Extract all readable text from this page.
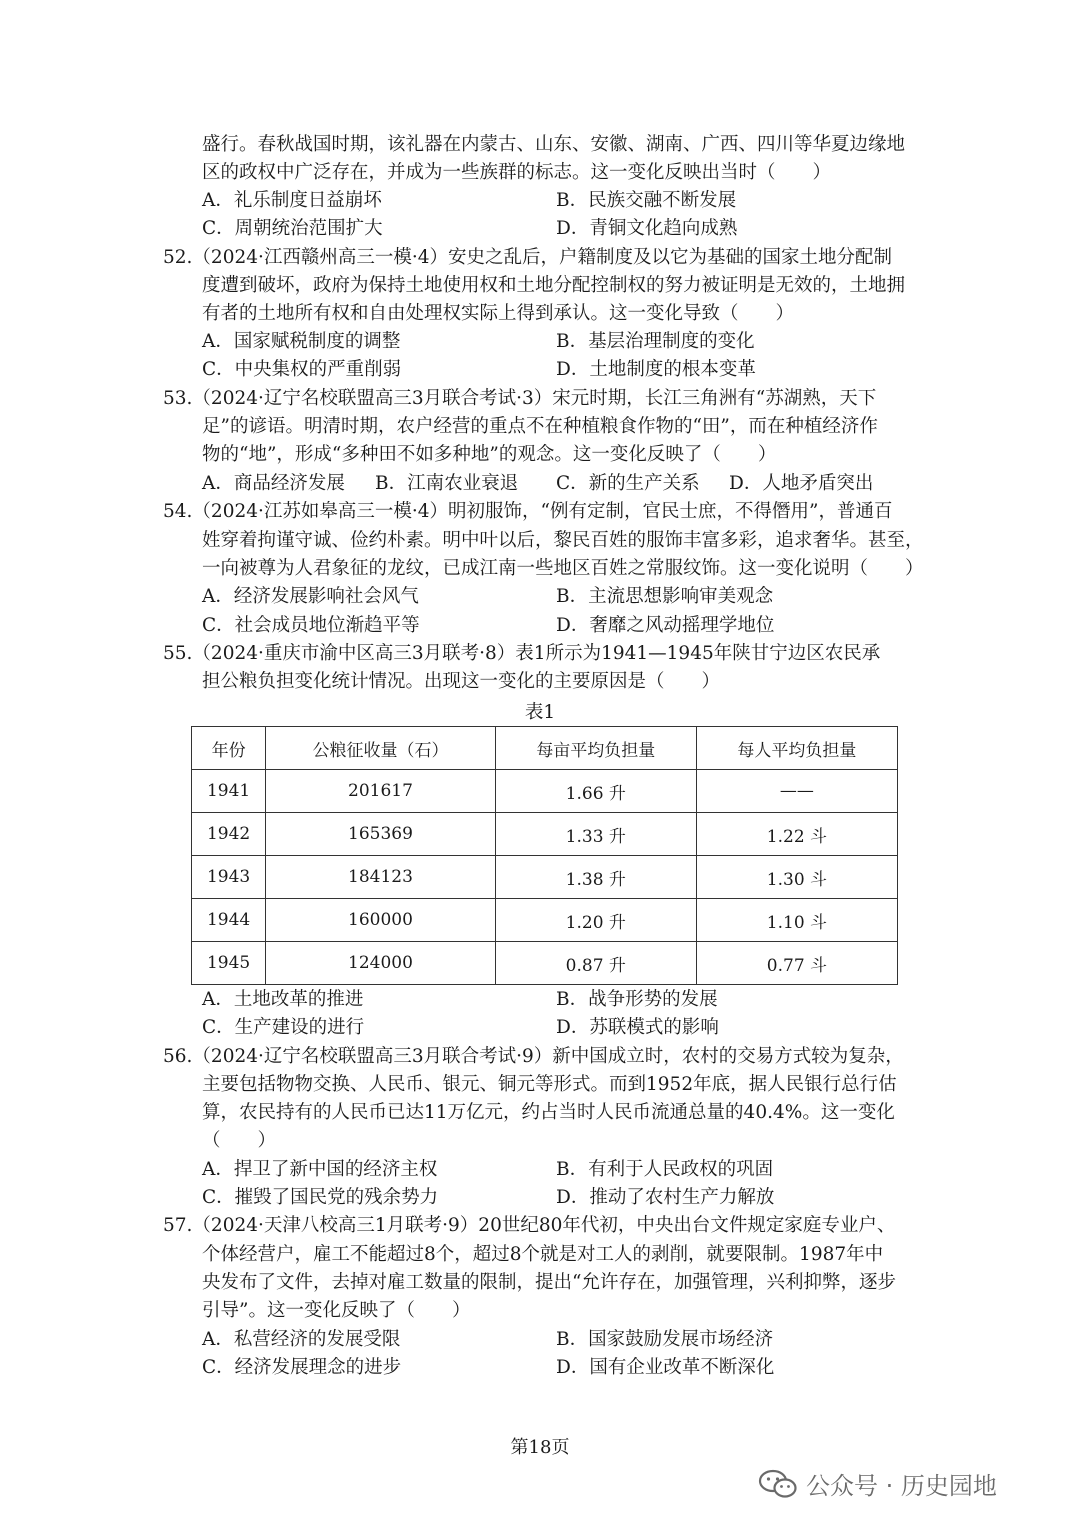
盛行。春秋战国时期，该礼器在内蒙古、山东、安徽、湖南、广西、四川等华夏边缘地
区的政权中广泛存在，并成为一些族群的标志。这一变化反映出当时（　　）
A．礼乐制度日益崩坏	B．民族交融不断发展
C．周朝统治范围扩大	D．青铜文化趋向成熟
52.（2024·江西赣州高三一模·4）安史之乱后，户籍制度及以它为基础的国家土地分配制
度遭到破坏，政府为保持土地使用权和土地分配控制权的努力被证明是无效的，土地拥
有者的土地所有权和自由处理权实际上得到承认。这一变化导致（　　）
A．国家赋税制度的调整	B．基层治理制度的变化
C．中央集权的严重削弱	D．土地制度的根本变革
53.（2024·辽宁名校联盟高三3月联合考试·3）宋元时期，长江三角洲有“苏湖熟，天下
足”的谚语。明清时期，农户经营的重点不在种植粮食作物的“田”，而在种植经济作
物的“地”，形成“多种田不如多种地”的观念。这一变化反映了（　　）
A．商品经济发展 B．江南农业衰退 C．新的生产关系 D．人地矛盾突出
54.（2024·江苏如皋高三一模·4）明初服饰，“例有定制，官民士庶，不得僭用”，普通百
姓穿着拘谨守诚、俭约朴素。明中叶以后，黎民百姓的服饰丰富多彩，追求奢华。甚至，
一向被尊为人君象征的龙纹，已成江南一些地区百姓之常服纹饰。这一变化说明（　　）
A．经济发展影响社会风气	B．主流思想影响审美观念
C．社会成员地位渐趋平等	D．奢靡之风动摇理学地位
55.（2024·重庆市渝中区高三3月联考·8）表1所示为1941—1945年陕甘宁边区农民承
担公粮负担变化统计情况。出现这一变化的主要原因是（　　）
表1
年份	公粮征收量（石）	每亩平均负担量	每人平均负担量
1941	201617	1.66 升	——
1942	165369	1.33 升	1.22 斗
1943	184123	1.38 升	1.30 斗
1944	160000	1.20 升	1.10 斗
1945	124000	0.87 升	0.77 斗
A．土地改革的推进	B．战争形势的发展
C．生产建设的进行	D．苏联模式的影响
56.（2024·辽宁名校联盟高三3月联合考试·9）新中国成立时，农村的交易方式较为复杂，
主要包括物物交换、人民币、银元、铜元等形式。而到1952年底，据人民银行总行估
算，农民持有的人民币已达11万亿元，约占当时人民币流通总量的40.4%。这一变化
（　　）
A．捍卫了新中国的经济主权	B．有利于人民政权的巩固
C．摧毁了国民党的残余势力	D．推动了农村生产力解放
57.（2024·天津八校高三1月联考·9）20世纪80年代初，中央出台文件规定家庭专业户、
个体经营户，雇工不能超过8个，超过8个就是对工人的剥削，就要限制。1987年中
央发布了文件，去掉对雇工数量的限制，提出“允许存在，加强管理，兴利抑弊，逐步
引导”。这一变化反映了（　　）
A．私营经济的发展受限	B．国家鼓励发展市场经济
C．经济发展理念的进步	D．国有企业改革不断深化
第18页
公众号 · 历史园地
